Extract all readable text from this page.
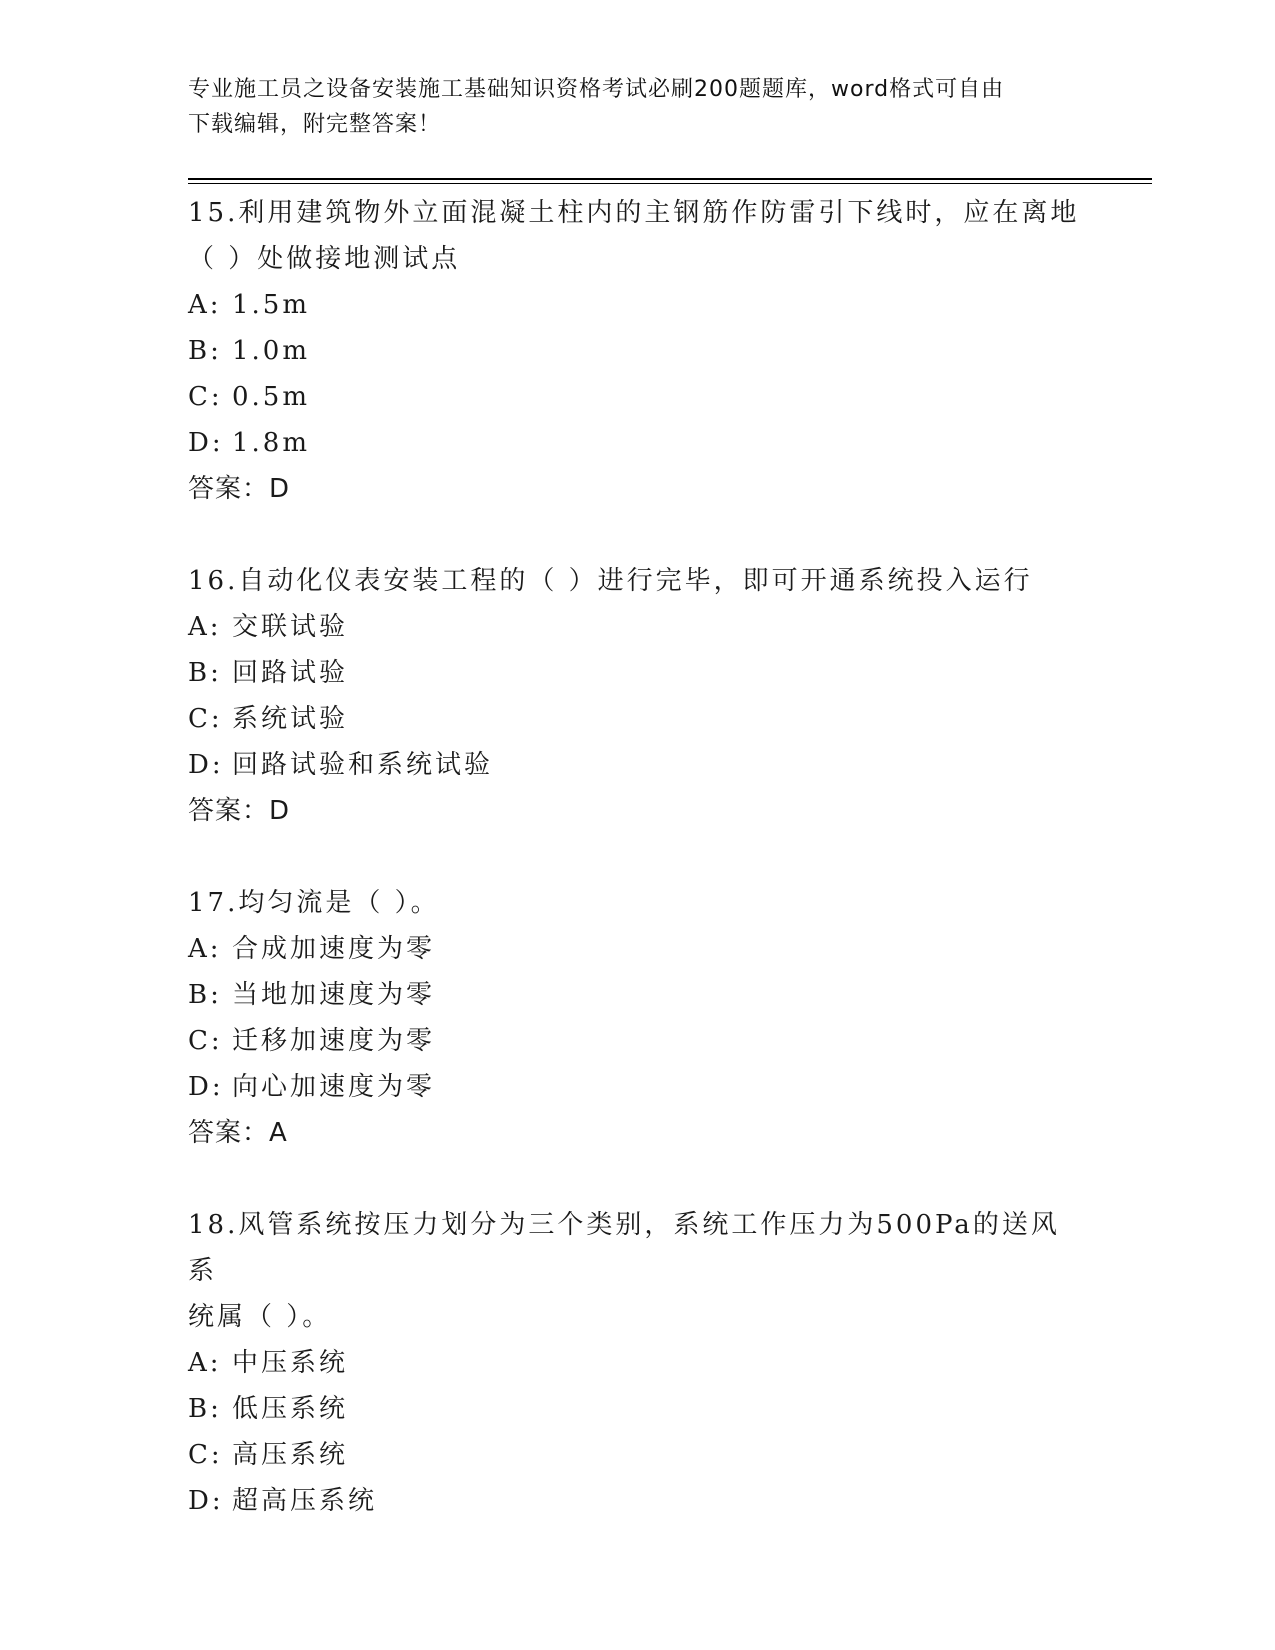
专业施工员之设备安装施工基础知识资格考试必刷200题题库，word格式可自由
下载编辑，附完整答案！
15.利用建筑物外立面混凝土柱内的主钢筋作防雷引下线时，应在离地
（ ）处做接地测试点
A: 1.5m
B: 1.0m
C: 0.5m
D: 1.8m
答案：D
16.自动化仪表安装工程的（ ）进行完毕，即可开通系统投入运行
A: 交联试验
B: 回路试验
C: 系统试验
D: 回路试验和系统试验
答案：D
17.均匀流是（ ）。
A: 合成加速度为零
B: 当地加速度为零
C: 迁移加速度为零
D: 向心加速度为零
答案：A
18.风管系统按压力划分为三个类别，系统工作压力为500Pa的送风系
统属（ ）。
A: 中压系统
B: 低压系统
C: 高压系统
D: 超高压系统
